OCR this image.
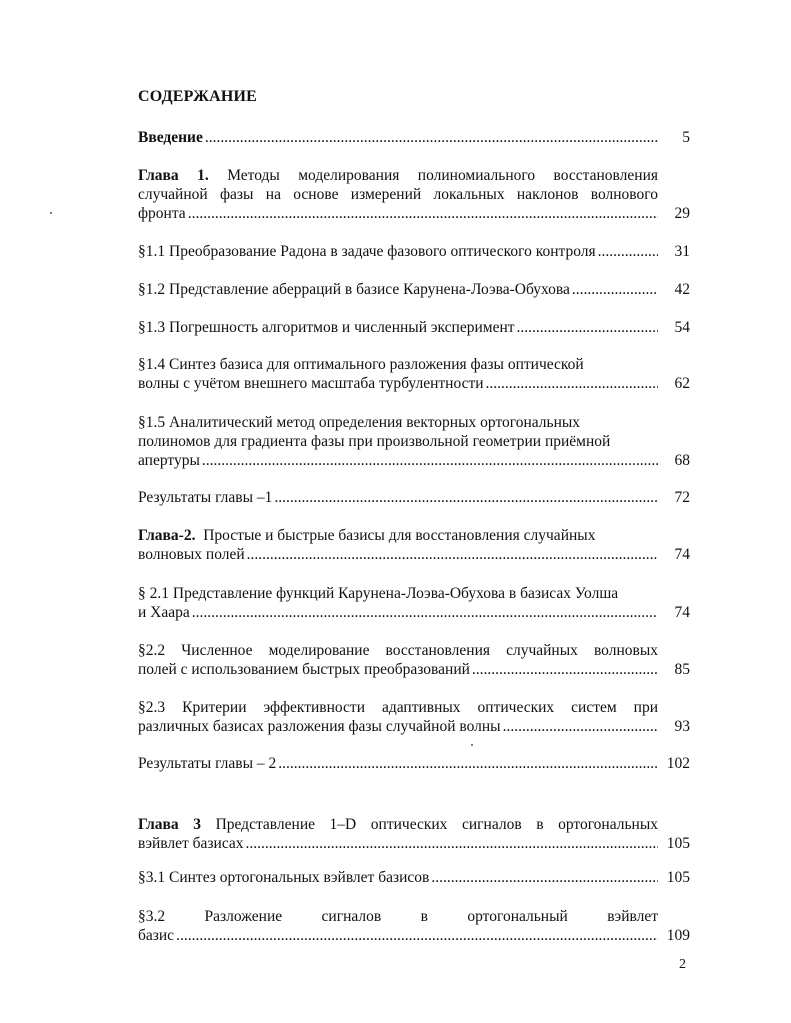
СОДЕРЖАНИЕ
Введение .....	5
Глава 1. Методы моделирования полиномиального восстановления
случайной фазы на основе измерений локальных наклонов волнового
фронта .....	29
§1.1 Преобразование Радона в задаче фазового оптического контроля .....	31
§1.2 Представление аберраций в базисе Карунена-Лоэва-Обухова .....	42
§1.3 Погрешность алгоритмов и численный эксперимент .....	54
§1.4 Синтез базиса для оптимального разложения фазы оптической
волны с учётом внешнего масштаба турбулентности .....	62
§1.5 Аналитический метод определения векторных ортогональных
полиномов для градиента фазы при произвольной геометрии приёмной
апертуры .....	68
Результаты главы –1 .....	72
Глава-2.
Простые и быстрые базисы для восстановления случайных
волновых полей .....	74
§ 2.1 Представление функций Карунена-Лоэва-Обухова в базисах Уолша
и Хаара .....	74
§2.2 Численное моделирование восстановления случайных волновых
полей с использованием быстрых преобразований .....	85
§2.3 Критерии эффективности адаптивных оптических систем при
различных базисах разложения фазы случайной волны .....	93
Результаты главы – 2 .....	102
Глава 3 Представление 1–D оптических сигналов в ортогональных
вэйвлет базисах .....	105
§3.1 Синтез ортогональных вэйвлет базисов .....	105
§3.2 Разложение сигналов в ортогональный вэйвлет
базис .....	109
2
